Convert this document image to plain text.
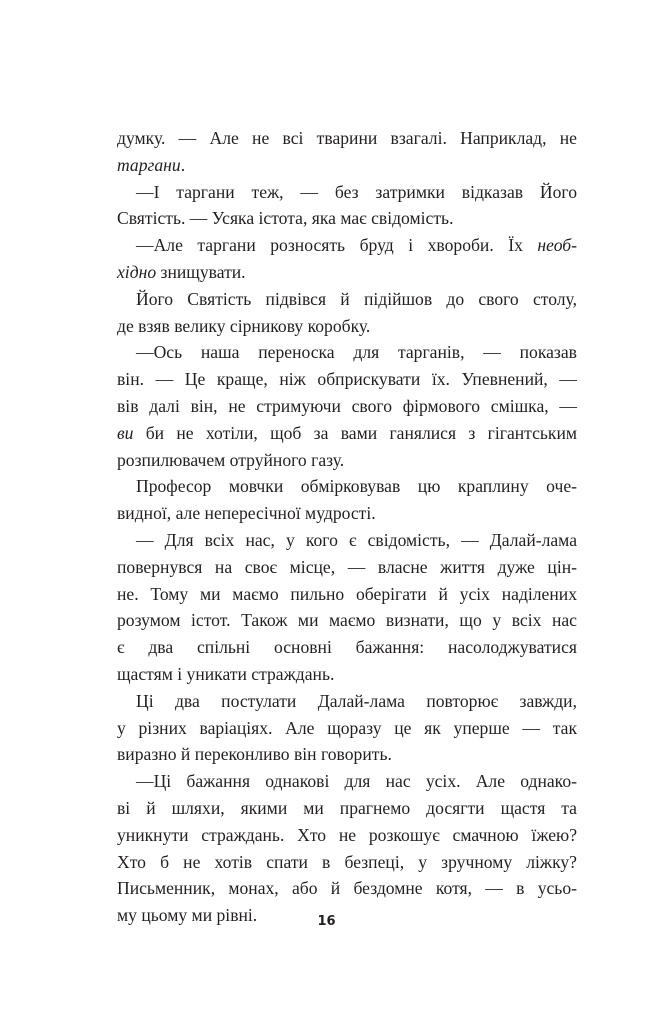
думку. — Але не всі тварини взагалі. Наприклад, не
таргани.
—І таргани теж, — без затримки відказав Його
Святість. — Усяка істота, яка має свідомість.
—Але таргани розносять бруд і хвороби. Їх необ-
хідно знищувати.
Його Святість підвівся й підійшов до свого столу,
де взяв велику сірникову коробку.
—Ось наша переноска для тарганів, — показав
він. — Це краще, ніж обприскувати їх. Упевнений, —
вів далі він, не стримуючи свого фірмового смішка, —
ви би не хотіли, щоб за вами ганялися з гігантським
розпилювачем отруйного газу.
Професор мовчки обмірковував цю краплину оче-
видної, але непересічної мудрості.
— Для всіх нас, у кого є свідомість, — Далай-лама
повернувся на своє місце, — власне життя дуже цін-
не. Тому ми маємо пильно оберігати й усіх наділених
розумом істот. Також ми маємо визнати, що у всіх нас
є два спільні основні бажання: насолоджуватися
щастям і уникати страждань.
Ці два постулати Далай-лама повторює завжди,
у різних варіаціях. Але щоразу це як уперше — так
виразно й переконливо він говорить.
—Ці бажання однакові для нас усіх. Але однако-
ві й шляхи, якими ми прагнемо досягти щастя та
уникнути страждань. Хто не розкошує смачною їжею?
Хто б не хотів спати в безпеці, у зручному ліжку?
Письменник, монах, або й бездомне котя, — в усьо-
му цьому ми рівні.	16
